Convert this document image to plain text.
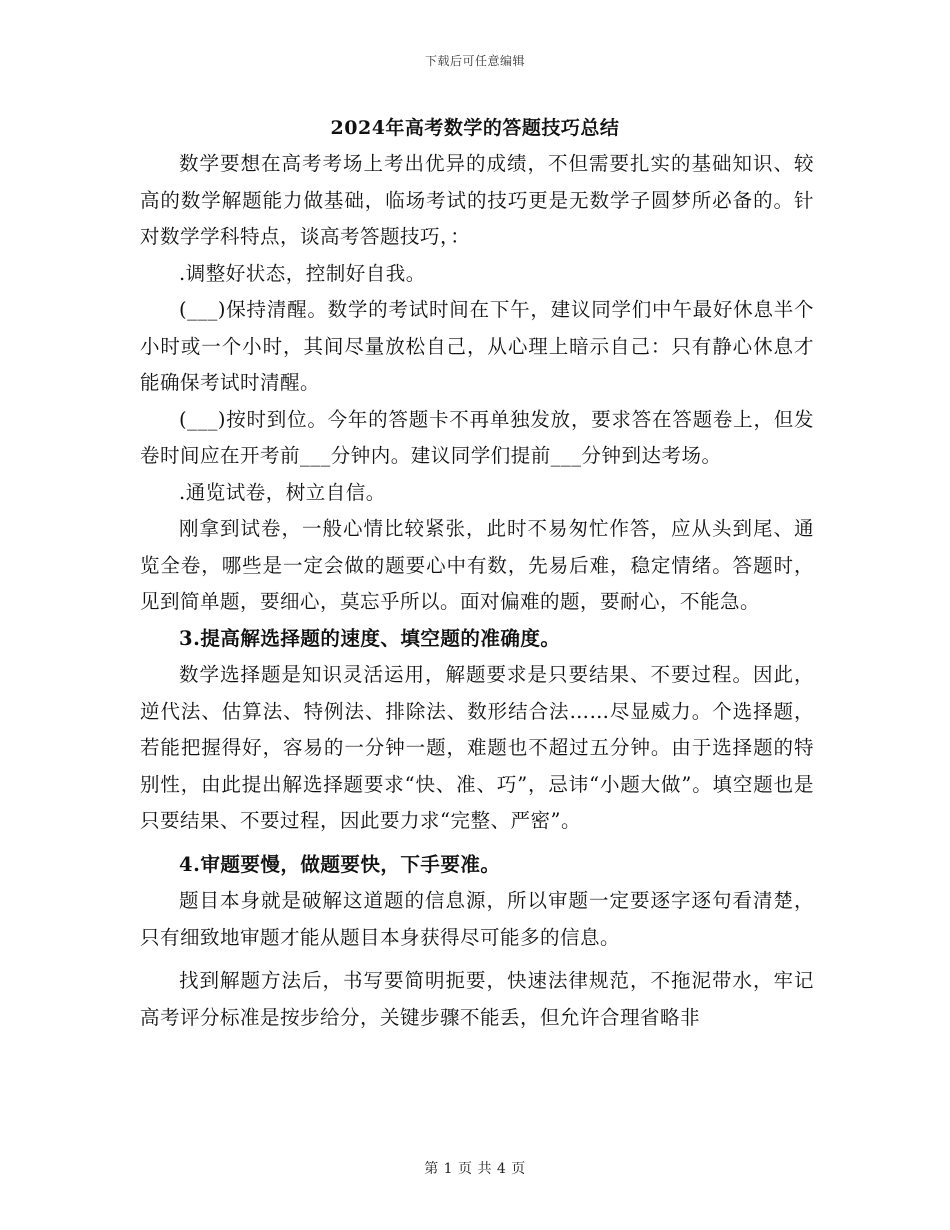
下载后可任意编辑
2024年高考数学的答题技巧总结

数学要想在高考考场上考出优异的成绩，不但需要扎实的基础知识、较高的数学解题能力做基础，临场考试的技巧更是无数学子圆梦所必备的。针对数学学科特点，谈高考答题技巧，：

.调整好状态，控制好自我。

(___)保持清醒。数学的考试时间在下午，建议同学们中午最好休息半个小时或一个小时，其间尽量放松自己，从心理上暗示自己：只有静心休息才能确保考试时清醒。

(___)按时到位。今年的答题卡不再单独发放，要求答在答题卷上，但发卷时间应在开考前___分钟内。建议同学们提前___分钟到达考场。

.通览试卷，树立自信。

刚拿到试卷，一般心情比较紧张，此时不易匆忙作答，应从头到尾、通览全卷，哪些是一定会做的题要心中有数，先易后难，稳定情绪。答题时，见到简单题，要细心，莫忘乎所以。面对偏难的题，要耐心，不能急。

3.提高解选择题的速度、填空题的准确度。

数学选择题是知识灵活运用，解题要求是只要结果、不要过程。因此，逆代法、估算法、特例法、排除法、数形结合法……尽显威力。个选择题，若能把握得好，容易的一分钟一题，难题也不超过五分钟。由于选择题的特别性，由此提出解选择题要求“快、准、巧”，忌讳“小题大做”。填空题也是只要结果、不要过程，因此要力求“完整、严密”。

4.审题要慢，做题要快，下手要准。

题目本身就是破解这道题的信息源，所以审题一定要逐字逐句看清楚，只有细致地审题才能从题目本身获得尽可能多的信息。

找到解题方法后，书写要简明扼要，快速法律规范，不拖泥带水，牢记高考评分标准是按步给分，关键步骤不能丢，但允许合理省略非

第 1 页 共 4 页
